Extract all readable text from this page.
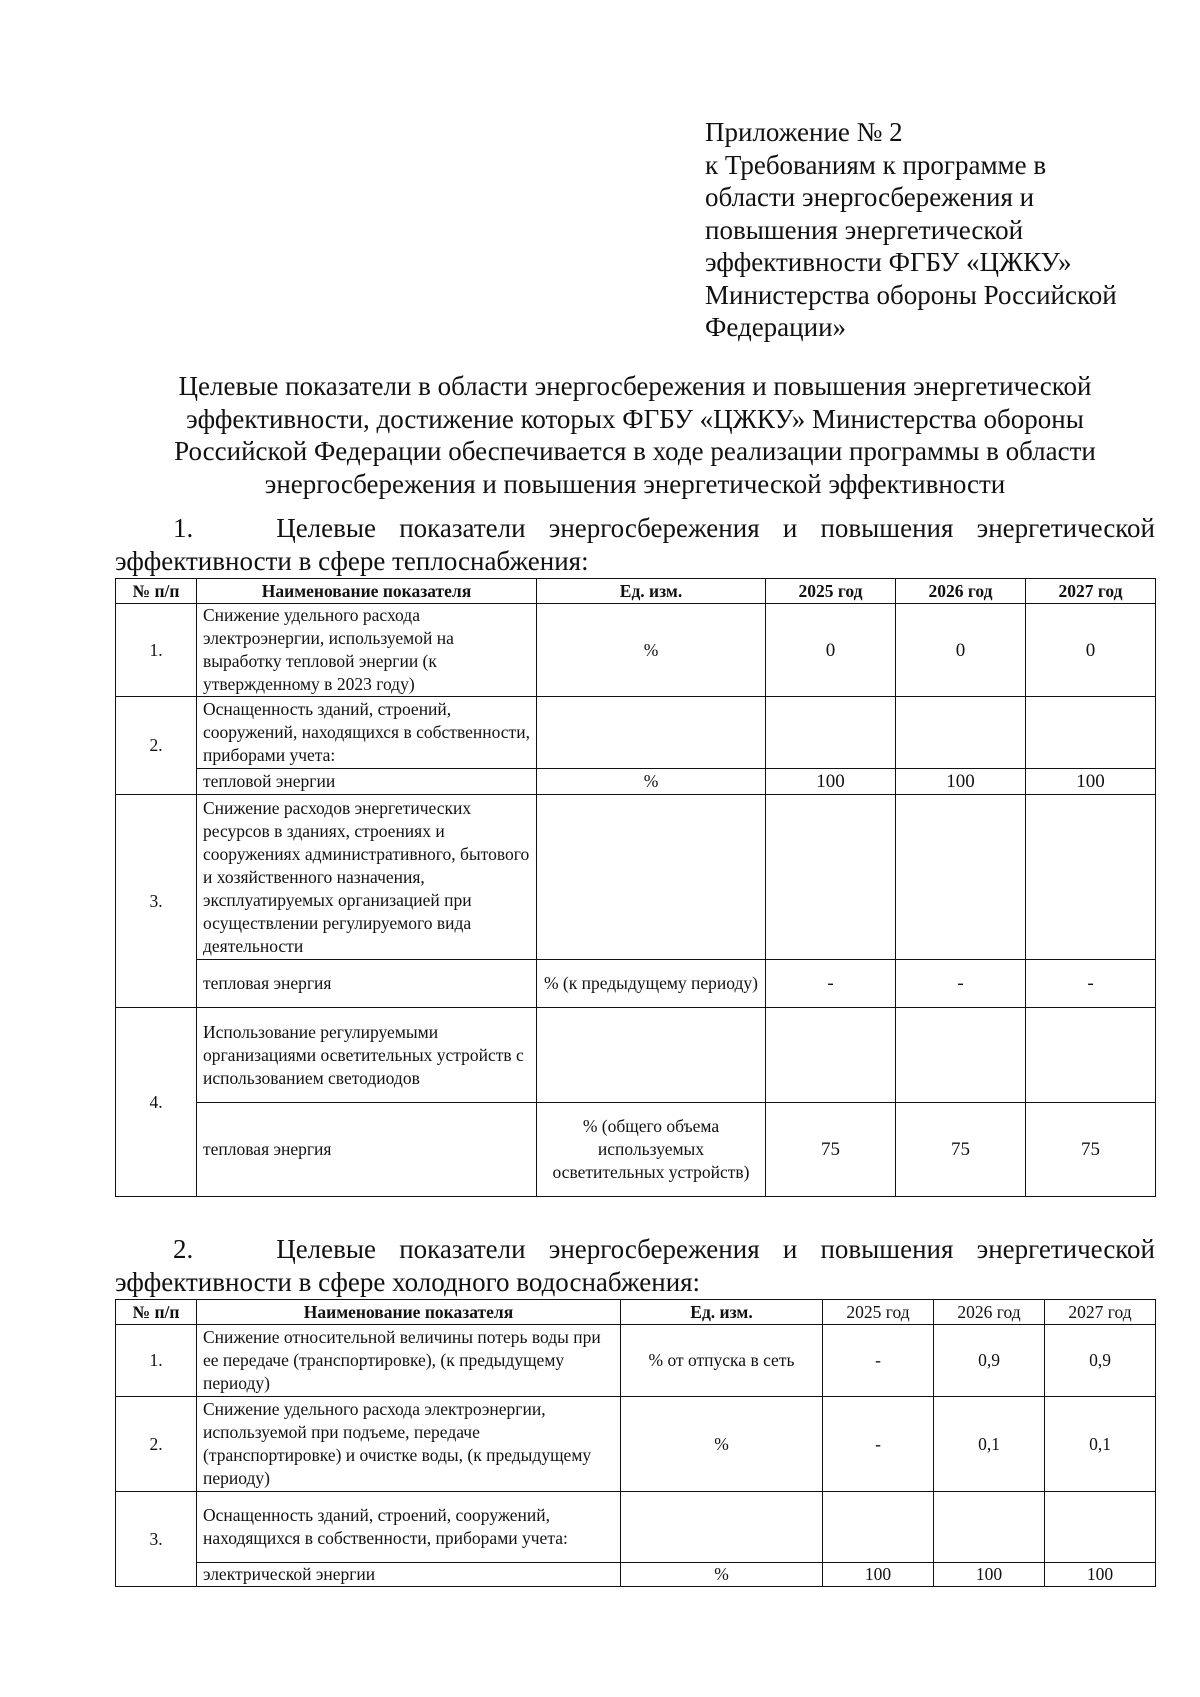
Приложение № 2
к Требованиям к программе в
области энергосбережения и
повышения энергетической
эффективности ФГБУ «ЦЖКУ»
Министерства обороны Российской
Федерации»
Целевые показатели в области энергосбережения и повышения энергетической
эффективности, достижение которых ФГБУ «ЦЖКУ» Министерства обороны
Российской Федерации обеспечивается в ходе реализации программы в области
энергосбережения и повышения энергетической эффективности
1.	Целевые показатели энергосбережения и повышения энергетической
эффективности в сфере теплоснабжения:
№ п/п	Наименование показателя	Ед. изм.	2025 год	2026 год	2027 год
1.	Снижение удельного расхода электроэнергии, используемой на выработку тепловой энергии (к утвержденному в 2023 году)	%	0	0	0
2.	Оснащенность зданий, строений, сооружений, находящихся в собственности, приборами учета:				
	тепловой энергии	%	100	100	100
3.	Снижение расходов энергетических ресурсов в зданиях, строениях и сооружениях административного, бытового и хозяйственного назначения, эксплуатируемых организацией при осуществлении регулируемого вида деятельности				
	тепловая энергия	% (к предыдущему периоду)	-	-	-
4.	Использование регулируемыми организациями осветительных устройств с использованием светодиодов				
	тепловая энергия	% (общего объема используемых осветительных устройств)	75	75	75
2.	Целевые показатели энергосбережения и повышения энергетической
эффективности в сфере холодного водоснабжения:
№ п/п	Наименование показателя	Ед. изм.	2025 год	2026 год	2027 год
1.	Снижение относительной величины потерь воды при ее передаче (транспортировке), (к предыдущему периоду)	% от отпуска в сеть	-	0,9	0,9
2.	Снижение удельного расхода электроэнергии, используемой при подъеме, передаче (транспортировке) и очистке воды, (к предыдущему периоду)	%	-	0,1	0,1
3.	Оснащенность зданий, строений, сооружений, находящихся в собственности, приборами учета:				
	электрической энергии	%	100	100	100
